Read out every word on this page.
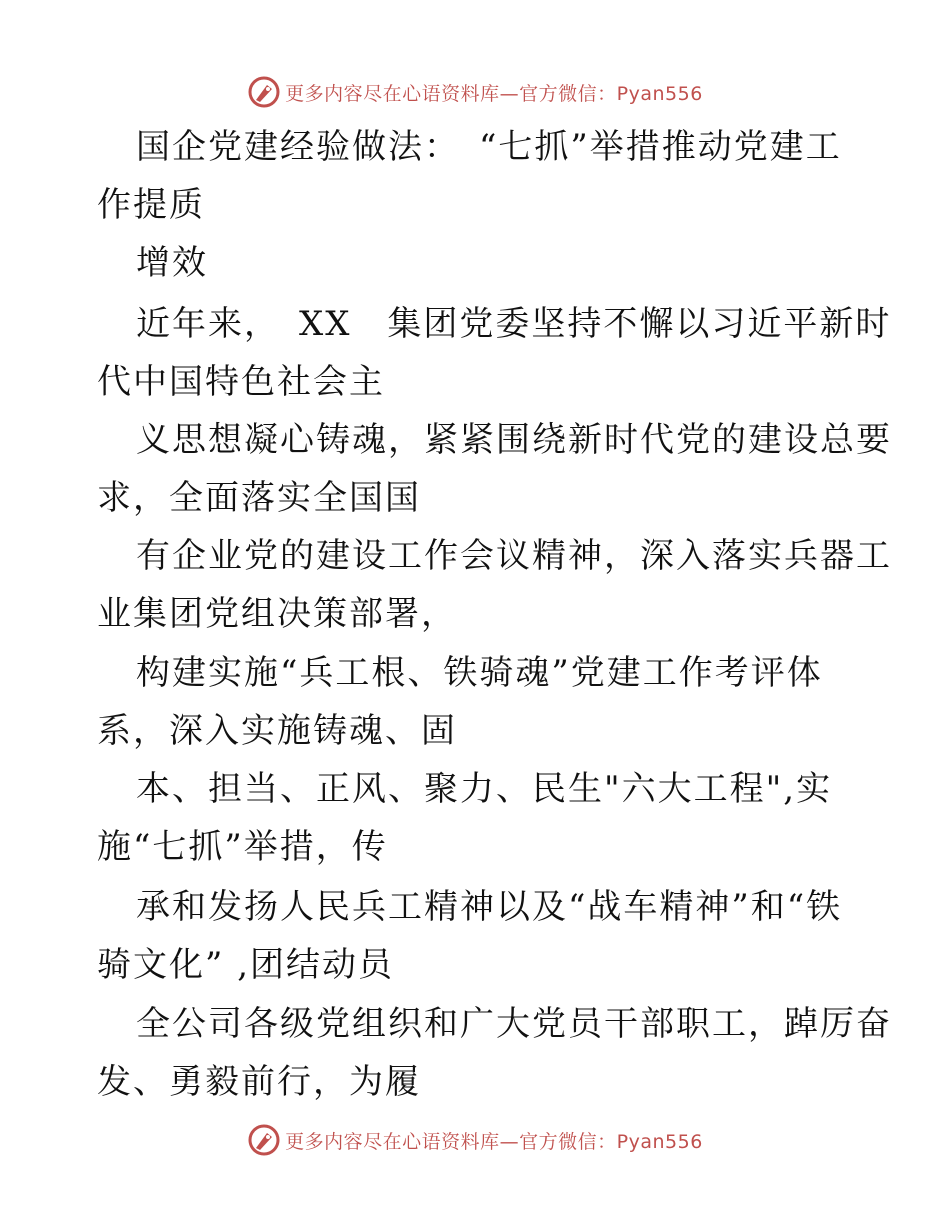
更多内容尽在心语资料库—官方微信：Pyan556
国企党建经验做法：　“七抓”举措推动党建工
作提质
增效
近年来，　XX　集团党委坚持不懈以习近平新时
代中国特色社会主
义思想凝心铸魂，紧紧围绕新时代党的建设总要
求，全面落实全国国
有企业党的建设工作会议精神，深入落实兵器工
业集团党组决策部署，
构建实施“兵工根、铁骑魂”党建工作考评体
系，深入实施铸魂、固
本、担当、正风、聚力、民生"六大工程",实
施“七抓”举措，传
承和发扬人民兵工精神以及“战车精神”和“铁
骑文化” ,团结动员
全公司各级党组织和广大党员干部职工，踔厉奋
发、勇毅前行，为履
更多内容尽在心语资料库—官方微信：Pyan556
